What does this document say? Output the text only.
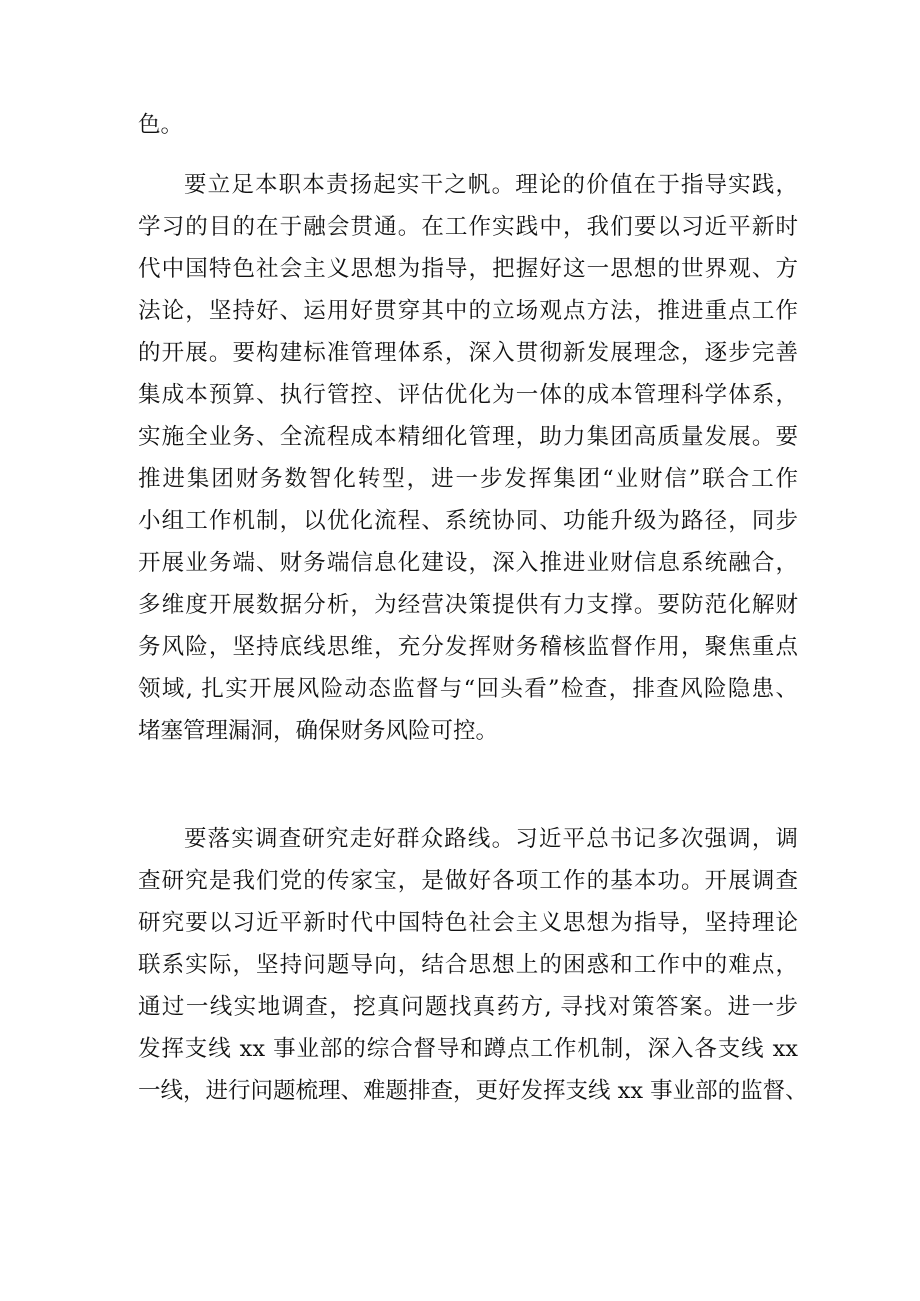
色。
要立足本职本责扬起实干之帆。理论的价值在于指导实践，
学习的目的在于融会贯通。在工作实践中，我们要以习近平新时
代中国特色社会主义思想为指导，把握好这一思想的世界观、方
法论，坚持好、运用好贯穿其中的立场观点方法，推进重点工作
的开展。要构建标准管理体系，深入贯彻新发展理念，逐步完善
集成本预算、执行管控、评估优化为一体的成本管理科学体系，
实施全业务、全流程成本精细化管理，助力集团高质量发展。要
推进集团财务数智化转型，进一步发挥集团“业财信”联合工作
小组工作机制，以优化流程、系统协同、功能升级为路径，同步
开展业务端、财务端信息化建设，深入推进业财信息系统融合，
多维度开展数据分析，为经营决策提供有力支撑。要防范化解财
务风险，坚持底线思维，充分发挥财务稽核监督作用，聚焦重点
领域, 扎实开展风险动态监督与“回头看”检查，排查风险隐患、
堵塞管理漏洞，确保财务风险可控。
要落实调查研究走好群众路线。习近平总书记多次强调，调
查研究是我们党的传家宝，是做好各项工作的基本功。开展调查
研究要以习近平新时代中国特色社会主义思想为指导，坚持理论
联系实际，坚持问题导向，结合思想上的困惑和工作中的难点，
通过一线实地调查，挖真问题找真药方, 寻找对策答案。进一步
发挥支线 xx 事业部的综合督导和蹲点工作机制，深入各支线 xx
一线，进行问题梳理、难题排查，更好发挥支线 xx 事业部的监督、
